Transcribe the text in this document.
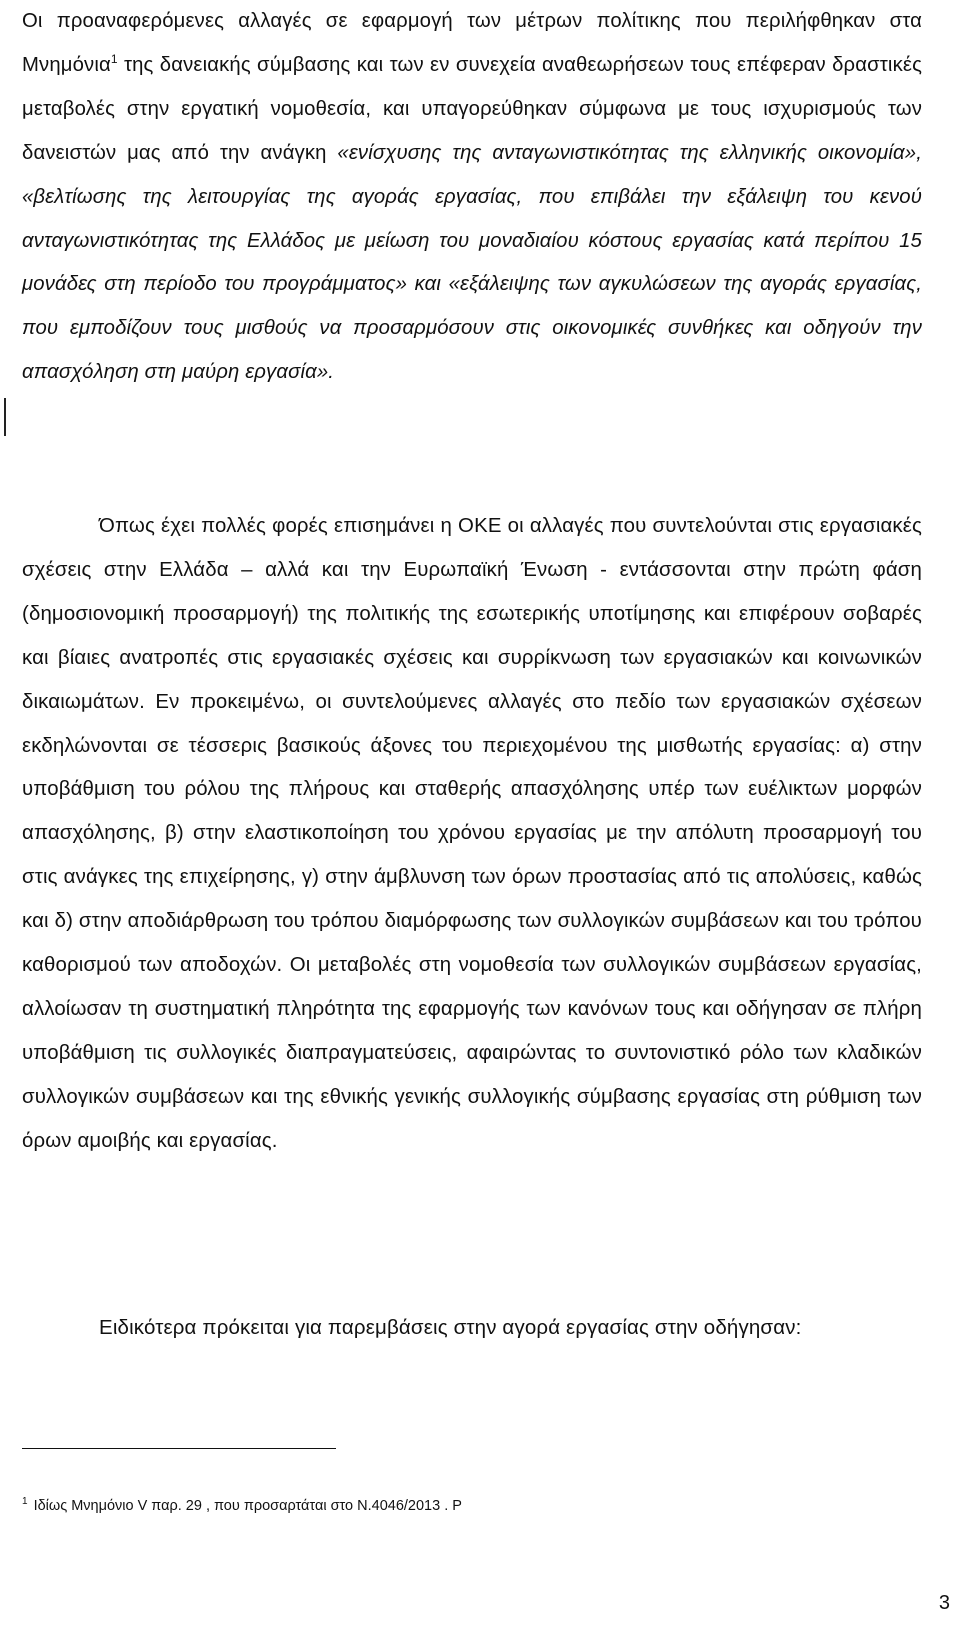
Οι προαναφερόμενες αλλαγές σε εφαρμογή των μέτρων πολίτικης που περιλήφθηκαν στα Μνημόνια$^1$ της δανειακής σύμβασης και των εν συνεχεία αναθεωρήσεων τους επέφεραν δραστικές μεταβολές στην εργατική νομοθεσία, και υπαγορεύθηκαν σύμφωνα με τους ισχυρισμούς των δανειστών μας από την ανάγκη «ενίσχυσης της ανταγωνιστικότητας της ελληνικής οικονομία», «βελτίωσης της λειτουργίας της αγοράς εργασίας, που επιβάλει την εξάλειψη του κενού ανταγωνιστικότητας της Ελλάδος με μείωση του μοναδιαίου κόστους εργασίας κατά περίπου 15 μονάδες στη περίοδο του προγράμματος» και «εξάλειψης των αγκυλώσεων της αγοράς εργασίας, που εμποδίζουν τους μισθούς να προσαρμόσουν στις οικονομικές συνθήκες και οδηγούν την απασχόληση στη μαύρη εργασία».

Όπως έχει πολλές φορές επισημάνει η ΟΚΕ οι αλλαγές που συντελούνται στις εργασιακές σχέσεις στην Ελλάδα – αλλά και την Ευρωπαϊκή Ένωση - εντάσσονται στην πρώτη φάση (δημοσιονομική προσαρμογή) της πολιτικής της εσωτερικής υποτίμησης και επιφέρουν σοβαρές και βίαιες ανατροπές στις εργασιακές σχέσεις και συρρίκνωση των εργασιακών και κοινωνικών δικαιωμάτων. Εν προκειμένω, οι συντελούμενες αλλαγές στο πεδίο των εργασιακών σχέσεων εκδηλώνονται σε τέσσερις βασικούς άξονες του περιεχομένου της μισθωτής εργασίας: α) στην υποβάθμιση του ρόλου της πλήρους και σταθερής απασχόλησης υπέρ των ευέλικτων μορφών απασχόλησης, β) στην ελαστικοποίηση του χρόνου εργασίας με την απόλυτη προσαρμογή του στις ανάγκες της επιχείρησης, γ) στην άμβλυνση των όρων προστασίας από τις απολύσεις, καθώς και δ) στην αποδιάρθρωση του τρόπου διαμόρφωσης των συλλογικών συμβάσεων και του τρόπου καθορισμού των αποδοχών. Οι μεταβολές στη νομοθεσία των συλλογικών συμβάσεων εργασίας, αλλοίωσαν τη συστηματική πληρότητα της εφαρμογής των κανόνων τους και οδήγησαν σε πλήρη υποβάθμιση τις συλλογικές διαπραγματεύσεις, αφαιρώντας το συντονιστικό ρόλο των κλαδικών συλλογικών συμβάσεων και της εθνικής γενικής συλλογικής σύμβασης εργασίας στη ρύθμιση των όρων αμοιβής και εργασίας.

Ειδικότερα πρόκειται για παρεμβάσεις στην αγορά εργασίας στην οδήγησαν:

$^1$ Ιδίως Μνημόνιο V παρ. 29 , που προσαρτάται στο Ν.4046/2013 . Ρ
3
